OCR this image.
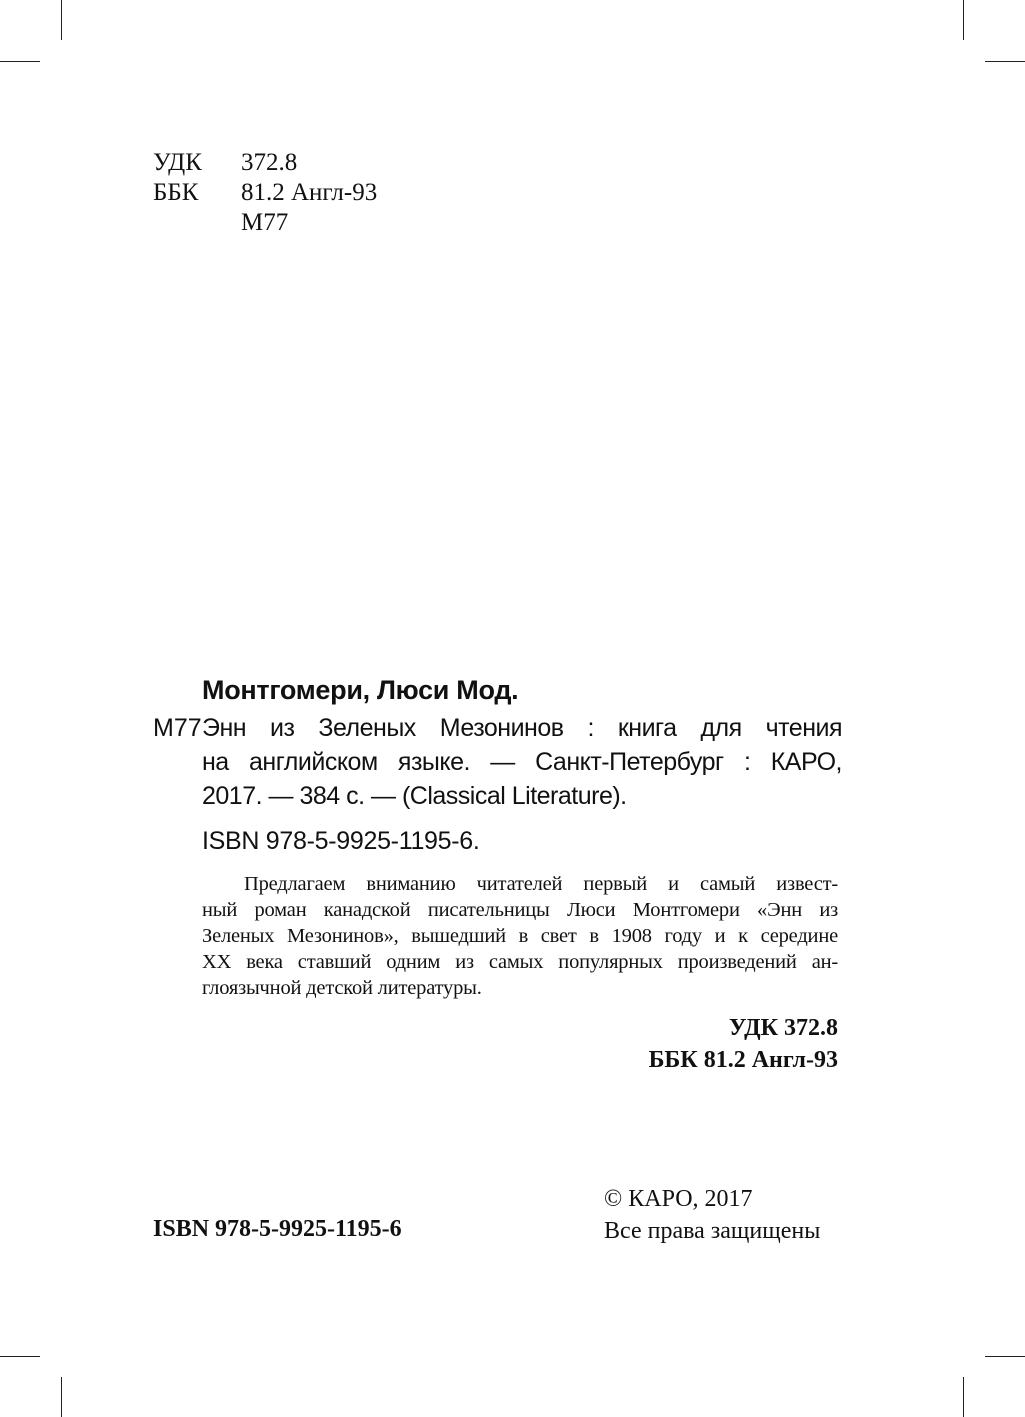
УДК	372.8
ББК	81.2 Англ-93
М77
Монтгомери, Люси Мод.
М77 Энн из Зеленых Мезонинов : книга для чтения
на английском языке. — Санкт-Петербург : КАРО,
2017. — 384 с. — (Classical Literature).
ISBN 978-5-9925-1195-6.
Предлагаем вниманию читателей первый и самый извест-
ный роман канадской писательницы Люси Монтгомери «Энн из
Зеленых Мезонинов», вышедший в свет в 1908 году и к середине
XX века ставший одним из самых популярных произведений ан-
глоязычной детской литературы.
УДК 372.8
ББК 81.2 Англ-93
ISBN 978-5-9925-1195-6
© КАРО, 2017
Все права защищены
